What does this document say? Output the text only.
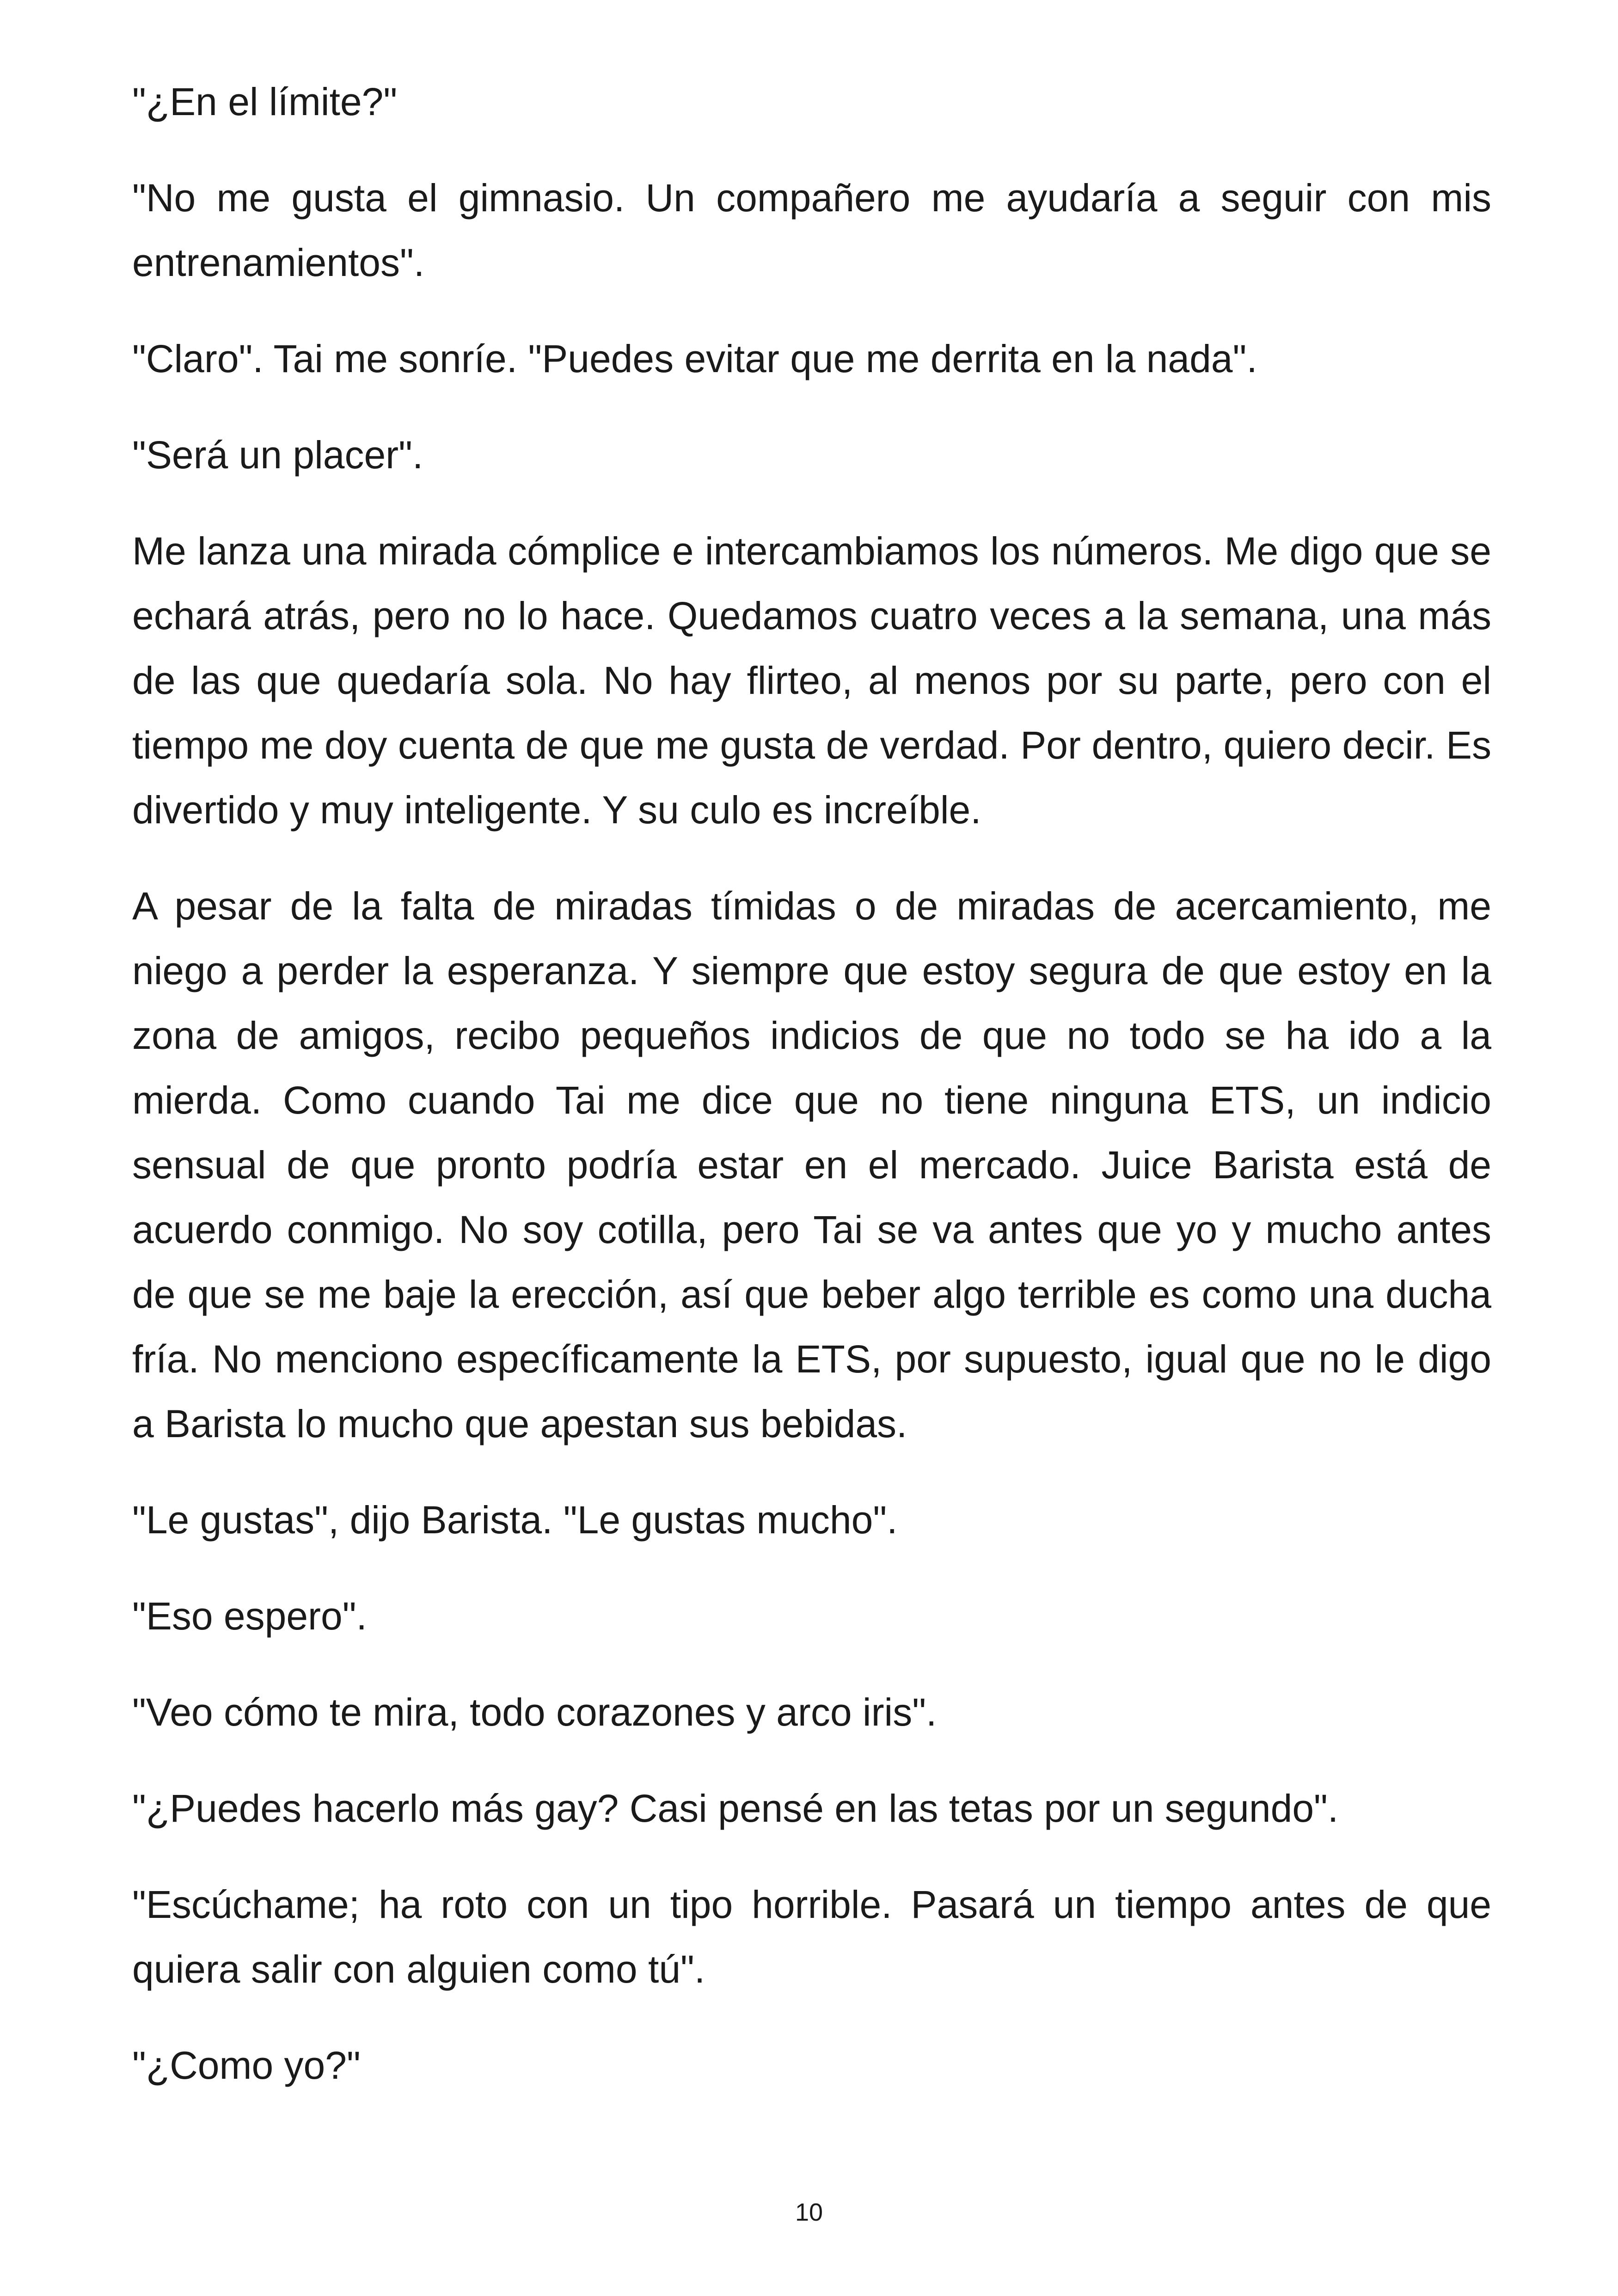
"¿En el límite?"

"No me gusta el gimnasio. Un compañero me ayudaría a seguir con mis entrenamientos".

"Claro". Tai me sonríe. "Puedes evitar que me derrita en la nada".

"Será un placer".

Me lanza una mirada cómplice e intercambiamos los números. Me digo que se echará atrás, pero no lo hace. Quedamos cuatro veces a la semana, una más de las que quedaría sola. No hay flirteo, al menos por su parte, pero con el tiempo me doy cuenta de que me gusta de verdad. Por dentro, quiero decir. Es divertido y muy inteligente. Y su culo es increíble.

A pesar de la falta de miradas tímidas o de miradas de acercamiento, me niego a perder la esperanza. Y siempre que estoy segura de que estoy en la zona de amigos, recibo pequeños indicios de que no todo se ha ido a la mierda. Como cuando Tai me dice que no tiene ninguna ETS, un indicio sensual de que pronto podría estar en el mercado. Juice Barista está de acuerdo conmigo. No soy cotilla, pero Tai se va antes que yo y mucho antes de que se me baje la erección, así que beber algo terrible es como una ducha fría. No menciono específicamente la ETS, por supuesto, igual que no le digo a Barista lo mucho que apestan sus bebidas.

"Le gustas", dijo Barista. "Le gustas mucho".

"Eso espero".

"Veo cómo te mira, todo corazones y arco iris".

"¿Puedes hacerlo más gay? Casi pensé en las tetas por un segundo".

"Escúchame; ha roto con un tipo horrible. Pasará un tiempo antes de que quiera salir con alguien como tú".

"¿Como yo?"

10
